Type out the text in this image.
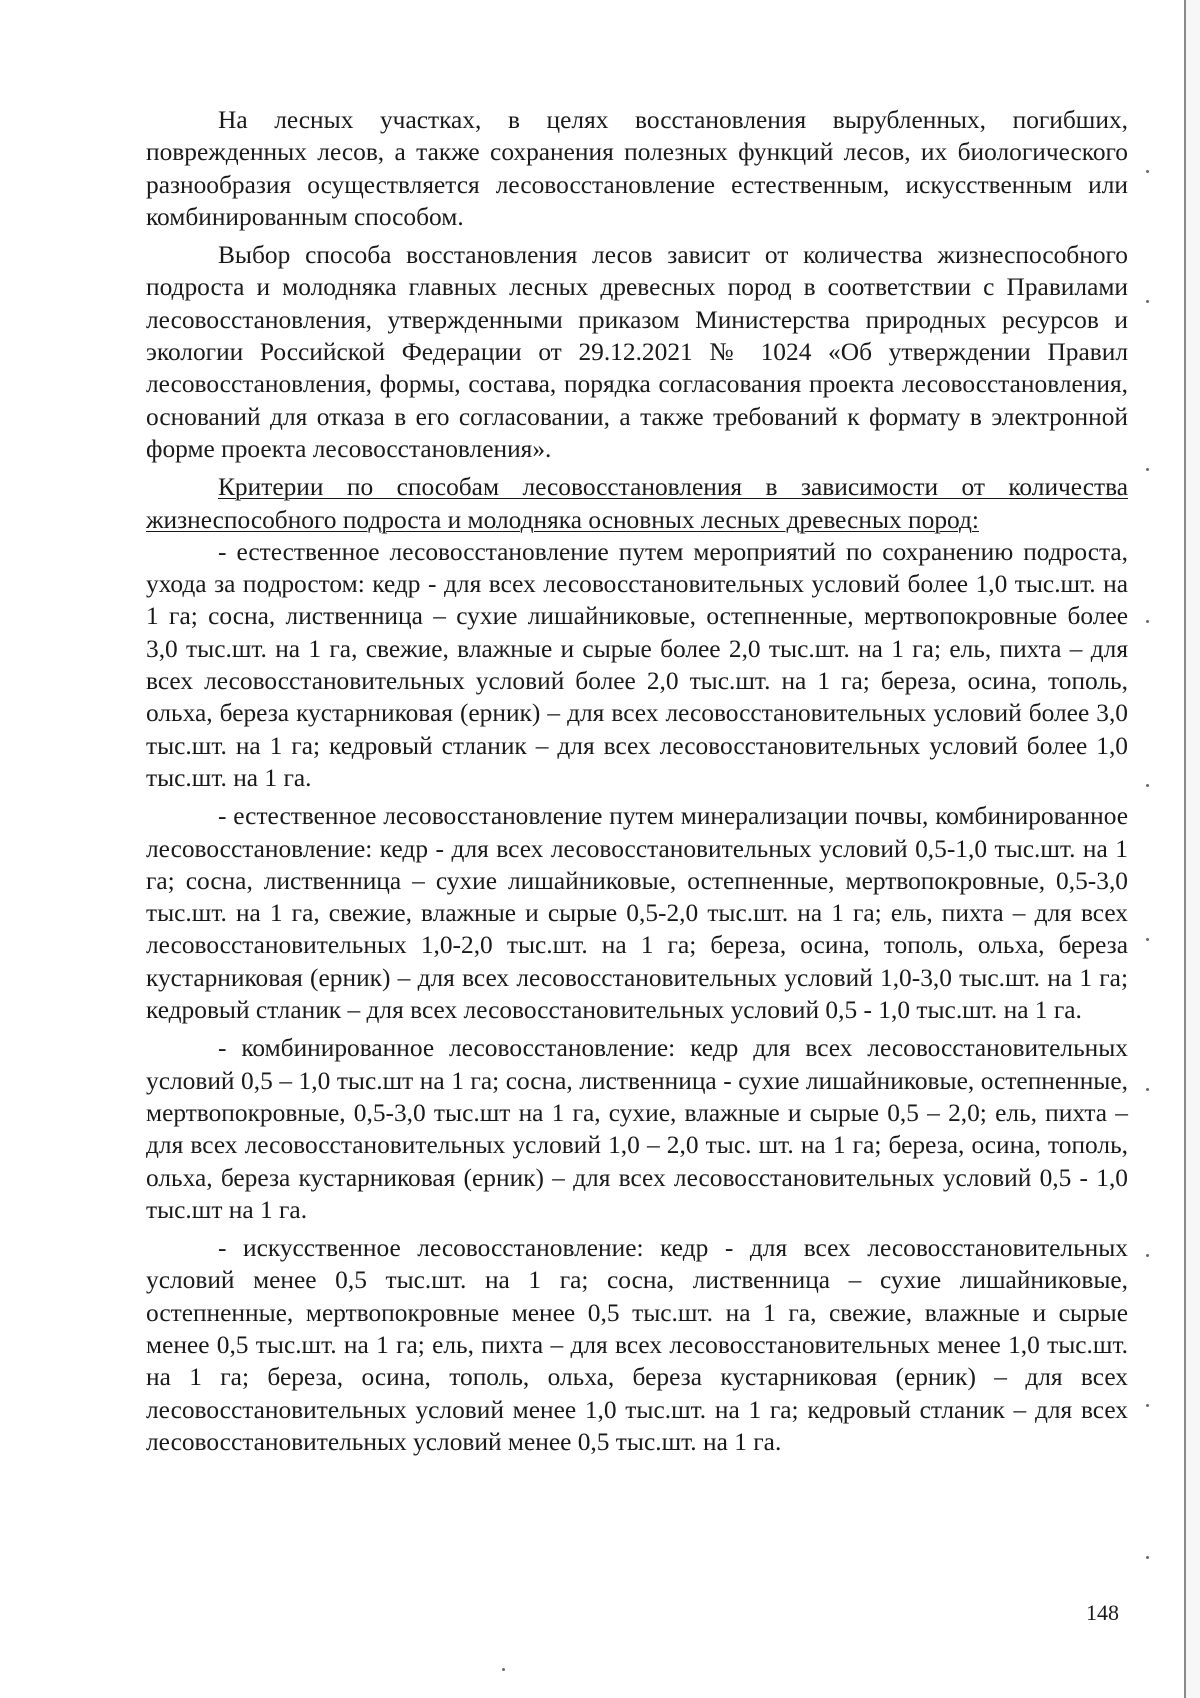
На лесных участках, в целях восстановления вырубленных, погибших, поврежденных лесов, а также сохранения полезных функций лесов, их биологического разнообразия осуществляется лесовосстановление естественным, искусственным или комбинированным способом.

Выбор способа восстановления лесов зависит от количества жизнеспособного подроста и молодняка главных лесных древесных пород в соответствии с Правилами лесовосстановления, утвержденными приказом Министерства природных ресурсов и экологии Российской Федерации от 29.12.2021 № 1024 «Об утверждении Правил лесовосстановления, формы, состава, порядка согласования проекта лесовосстановления, оснований для отказа в его согласовании, а также требований к формату в электронной форме проекта лесовосстановления».

Критерии по способам лесовосстановления в зависимости от количества жизнеспособного подроста и молодняка основных лесных древесных пород:

- естественное лесовосстановление путем мероприятий по сохранению подроста, ухода за подростом: кедр - для всех лесовосстановительных условий более 1,0 тыс.шт. на 1 га; сосна, лиственница – сухие лишайниковые, остепненные, мертвопокровные более 3,0 тыс.шт. на 1 га, свежие, влажные и сырые более 2,0 тыс.шт. на 1 га; ель, пихта – для всех лесовосстановительных условий более 2,0 тыс.шт. на 1 га; береза, осина, тополь, ольха, береза кустарниковая (ерник) – для всех лесовосстановительных условий более 3,0 тыс.шт. на 1 га; кедровый стланик – для всех лесовосстановительных условий более 1,0 тыс.шт. на 1 га.

- естественное лесовосстановление путем минерализации почвы, комбинированное лесовосстановление: кедр - для всех лесовосстановительных условий 0,5-1,0 тыс.шт. на 1 га; сосна, лиственница – сухие лишайниковые, остепненные, мертвопокровные, 0,5-3,0 тыс.шт. на 1 га, свежие, влажные и сырые 0,5-2,0 тыс.шт. на 1 га; ель, пихта – для всех лесовосстановительных 1,0-2,0 тыс.шт. на 1 га; береза, осина, тополь, ольха, береза кустарниковая (ерник) – для всех лесовосстановительных условий 1,0-3,0 тыс.шт. на 1 га; кедровый стланик – для всех лесовосстановительных условий 0,5 - 1,0 тыс.шт. на 1 га.

- комбинированное лесовосстановление: кедр для всех лесовосстановительных условий 0,5 – 1,0 тыс.шт на 1 га; сосна, лиственница - сухие лишайниковые, остепненные, мертвопокровные, 0,5-3,0 тыс.шт на 1 га, сухие, влажные и сырые 0,5 – 2,0; ель, пихта – для всех лесовосстановительных условий 1,0 – 2,0 тыс. шт. на 1 га; береза, осина, тополь, ольха, береза кустарниковая (ерник) – для всех лесовосстановительных условий 0,5 - 1,0 тыс.шт на 1 га.

- искусственное лесовосстановление: кедр - для всех лесовосстановительных условий менее 0,5 тыс.шт. на 1 га; сосна, лиственница – сухие лишайниковые, остепненные, мертвопокровные менее 0,5 тыс.шт. на 1 га, свежие, влажные и сырые менее 0,5 тыс.шт. на 1 га; ель, пихта – для всех лесовосстановительных менее 1,0 тыс.шт. на 1 га; береза, осина, тополь, ольха, береза кустарниковая (ерник) – для всех лесовосстановительных условий менее 1,0 тыс.шт. на 1 га; кедровый стланик – для всех лесовосстановительных условий менее 0,5 тыс.шт. на 1 га.

148
